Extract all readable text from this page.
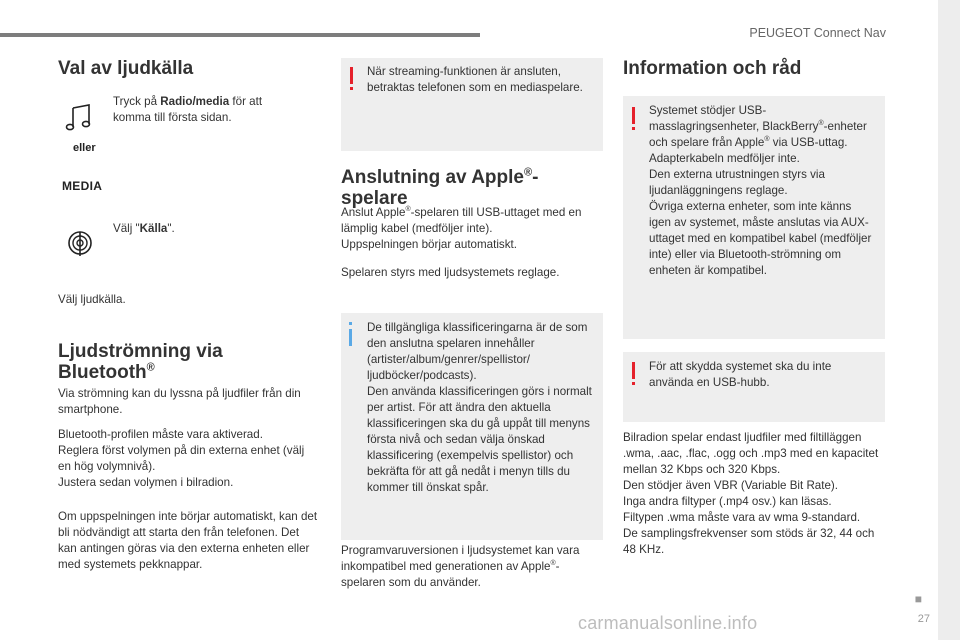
PEUGEOT Connect Nav
■
27
Val av ljudkälla

Tryck på Radio/media för att komma till första sidan.

eller
MEDIA

Välj "Källa".

Välj ljudkälla.

Ljudströmning via
Bluetooth®

Via strömning kan du lyssna på ljudfiler från din smartphone.

Bluetooth-profilen måste vara aktiverad.
Reglera först volymen på din externa enhet (välj en hög volymnivå).
Justera sedan volymen i bilradion.

Om uppspelningen inte börjar automatiskt, kan det bli nödvändigt att starta den från telefonen. Det kan antingen göras via den externa enheten eller med systemets pekknappar.

När streaming-funktionen är ansluten, betraktas telefonen som en mediaspelare.

Anslutning av Apple®-
spelare

Anslut Apple®-spelaren till USB-uttaget med en lämplig kabel (medföljer inte).
Uppspelningen börjar automatiskt.

Spelaren styrs med ljudsystemets reglage.

De tillgängliga klassificeringarna är de som den anslutna spelaren innehåller (artister/album/genrer/spellistor/ ljudböcker/podcasts).
Den använda klassificeringen görs i normalt per artist. För att ändra den aktuella klassificeringen ska du gå uppåt till menyns första nivå och sedan välja önskad klassificering (exempelvis spellistor) och bekräfta för att gå nedåt i menyn tills du kommer till önskat spår.

Programvaruversionen i ljudsystemet kan vara inkompatibel med generationen av Apple®-spelaren som du använder.

Information och råd

Systemet stödjer USB-masslagringsenheter, BlackBerry®-enheter och spelare från Apple® via USB-uttag. Adapterkabeln medföljer inte.
Den externa utrustningen styrs via ljudanläggningens reglage.
Övriga externa enheter, som inte känns igen av systemet, måste anslutas via AUX-uttaget med en kompatibel kabel (medföljer inte) eller via Bluetooth-strömning om enheten är kompatibel.

För att skydda systemet ska du inte använda en USB-hubb.

Bilradion spelar endast ljudfiler med filtilläggen .wma, .aac, .flac, .ogg och .mp3 med en kapacitet mellan 32 Kbps och 320 Kbps.
Den stödjer även VBR (Variable Bit Rate).
Inga andra filtyper (.mp4 osv.) kan läsas.
Filtypen .wma måste vara av wma 9-standard.
De samplingsfrekvenser som stöds är 32, 44 och 48 KHz.

carmanualsonline.info
